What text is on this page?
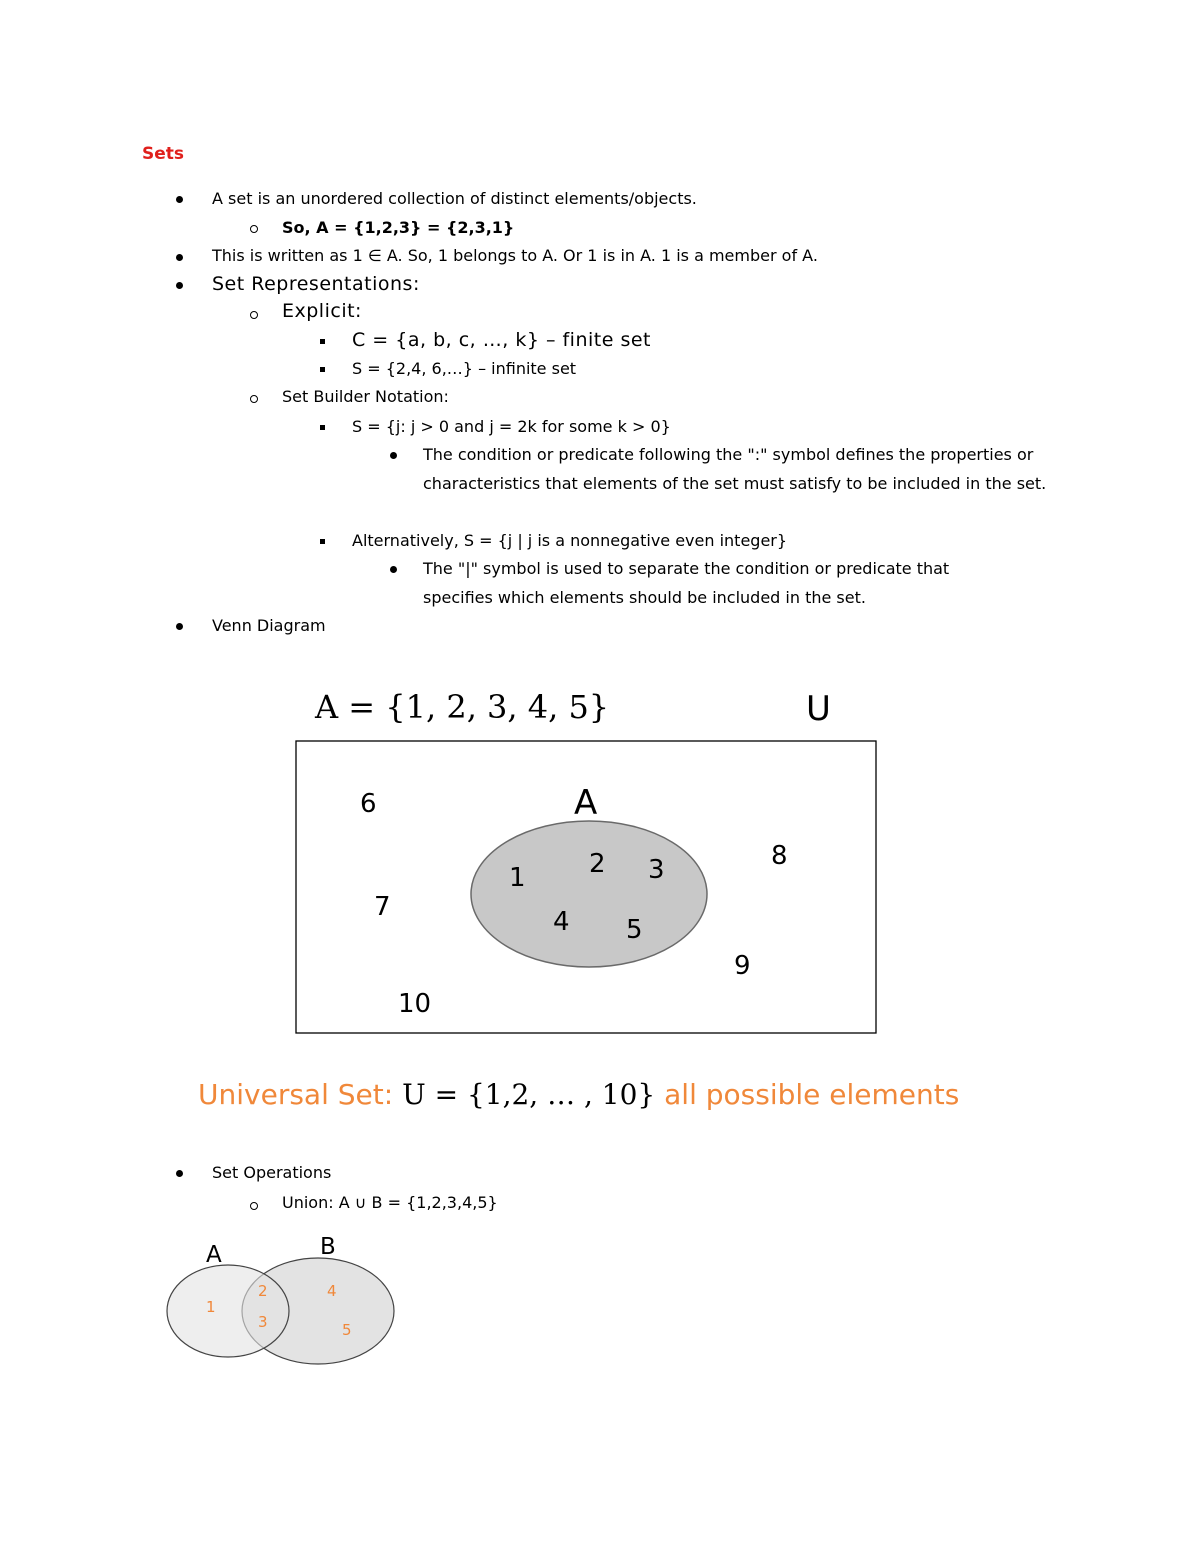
Sets
A set is an unordered collection of distinct elements/objects.
So, A = {1,2,3} = {2,3,1}
This is written as 1 ∈ A. So, 1 belongs to A. Or 1 is in A. 1 is a member of A.
Set Representations:
Explicit:
C = {a, b, c, …, k} – finite set
S = {2,4, 6,…} – infinite set
Set Builder Notation:
S = {j: j > 0 and j = 2k for some k > 0}
The condition or predicate following the ":" symbol defines the properties or characteristics that elements of the set must satisfy to be included in the set.
Alternatively, S = {j | j is a nonnegative even integer}
The "|" symbol is used to separate the condition or predicate that specifies which elements should be included in the set.
Venn Diagram
A = {1, 2, 3, 4, 5}	U
A
1 2 3
4 5
6
7
8
9
10
Universal Set: U = {1,2, … , 10} all possible elements
A	B
1
2
3
4
5
Set Operations
Union: A ∪ B = {1,2,3,4,5}
